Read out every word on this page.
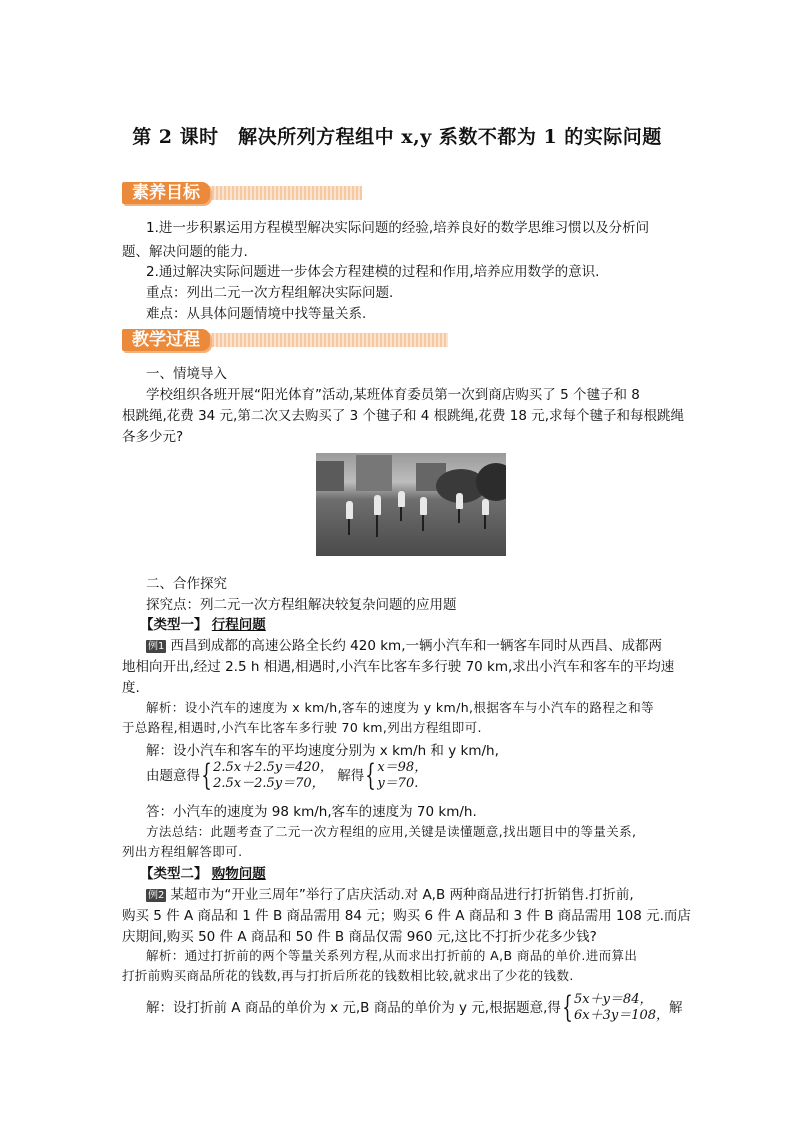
第 2 课时　解决所列方程组中 x,y 系数不都为 1 的实际问题
素养目标
1.进一步积累运用方程模型解决实际问题的经验,培养良好的数学思维习惯以及分析问
题、解决问题的能力.
2.通过解决实际问题进一步体会方程建模的过程和作用,培养应用数学的意识.
重点：列出二元一次方程组解决实际问题.
难点：从具体问题情境中找等量关系.
教学过程
一、情境导入
学校组织各班开展“阳光体育”活动,某班体育委员第一次到商店购买了 5 个毽子和 8
根跳绳,花费 34 元,第二次又去购买了 3 个毽子和 4 根跳绳,花费 18 元,求每个毽子和每根跳绳
各多少元?
二、合作探究
探究点：列二元一次方程组解决较复杂问题的应用题
【类型一】 行程问题
例1 西昌到成都的高速公路全长约 420 km,一辆小汽车和一辆客车同时从西昌、成都两
地相向开出,经过 2.5 h 相遇,相遇时,小汽车比客车多行驶 70 km,求出小汽车和客车的平均速
度.
解析：设小汽车的速度为 x km/h,客车的速度为 y km/h,根据客车与小汽车的路程之和等
于总路程,相遇时,小汽车比客车多行驶 70 km,列出方程组即可.
解：设小汽车和客车的平均速度分别为 x km/h 和 y km/h,
由题意得{2.5x＋2.5y＝420，
2.5x－2.5y＝70， 解得{x＝98，
y＝70.
答：小汽车的速度为 98 km/h,客车的速度为 70 km/h.
方法总结：此题考查了二元一次方程组的应用,关键是读懂题意,找出题目中的等量关系,
列出方程组解答即可.
【类型二】 购物问题
例2 某超市为“开业三周年”举行了店庆活动.对 A,B 两种商品进行打折销售.打折前,
购买 5 件 A 商品和 1 件 B 商品需用 84 元；购买 6 件 A 商品和 3 件 B 商品需用 108 元.而店
庆期间,购买 50 件 A 商品和 50 件 B 商品仅需 960 元,这比不打折少花多少钱?
解析：通过打折前的两个等量关系列方程,从而求出打折前的 A,B 商品的单价.进而算出
打折前购买商品所花的钱数,再与打折后所花的钱数相比较,就求出了少花的钱数.
解：设打折前 A 商品的单价为 x 元,B 商品的单价为 y 元,根据题意,得{5x＋y＝84，
6x＋3y＝108，解
